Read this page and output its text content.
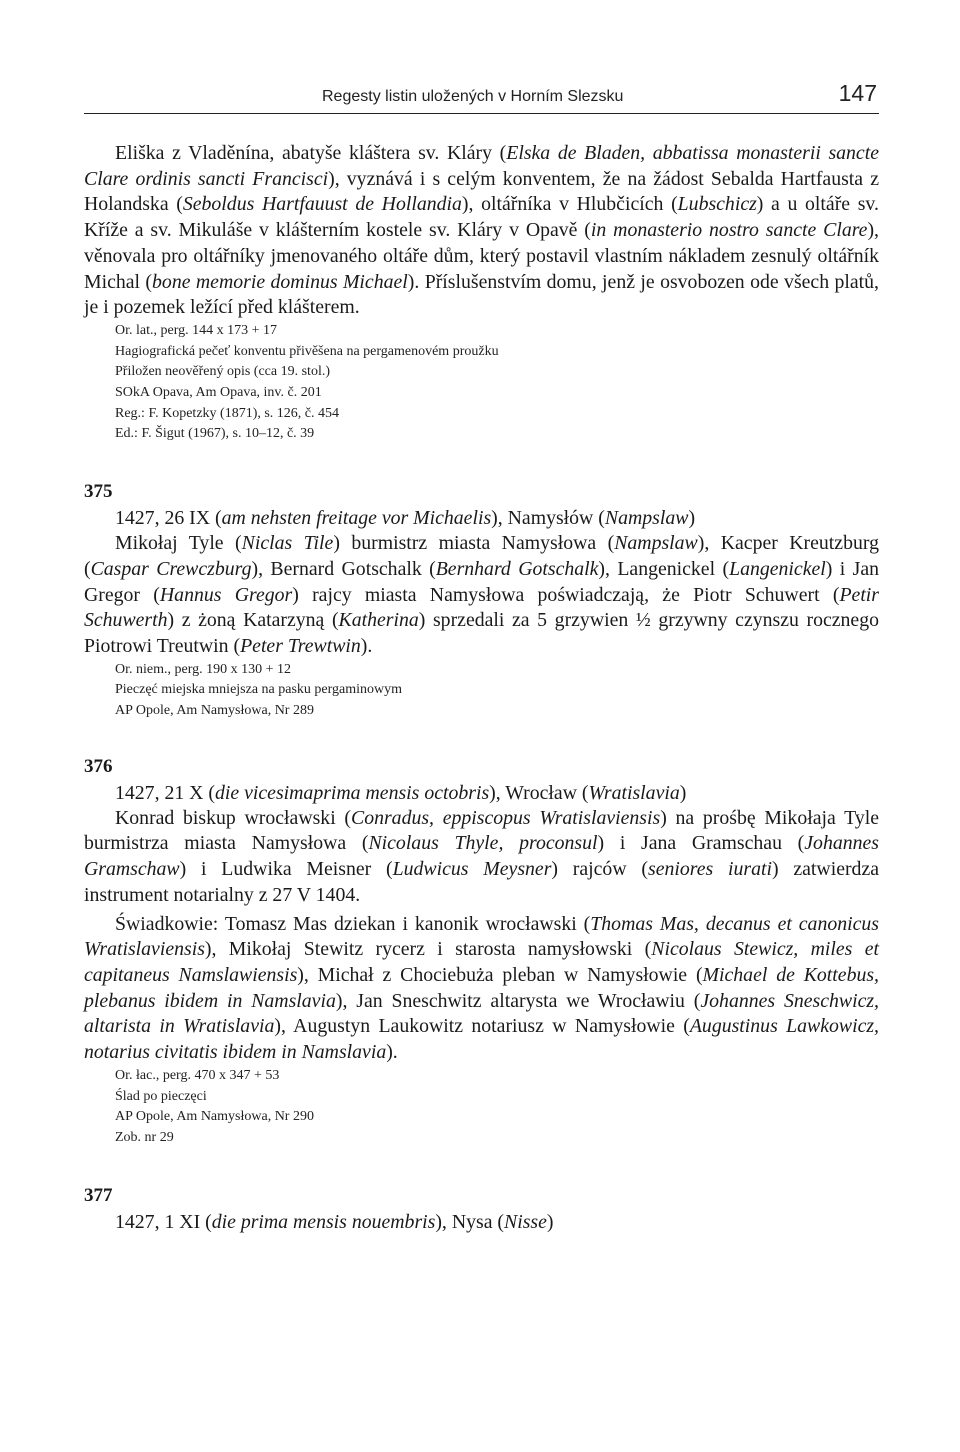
Regesty listin uložených v Horním Slezsku	147

Eliška z Vladěnína, abatyše kláštera sv. Kláry (Elska de Bladen, abbatissa monasterii sancte Clare ordinis sancti Francisci), vyznává i s celým konventem, že na žádost Sebalda Hartfausta z Holandska (Seboldus Hartfauust de Hollandia), oltářníka v Hlubčicích (Lubschicz) a u oltáře sv. Kříže a sv. Mikuláše v klášterním kostele sv. Kláry v Opavě (in monasterio nostro sancte Clare), věnovala pro oltářníky jmenovaného oltáře dům, který postavil vlastním nákladem zesnulý oltářník Michal (bone memorie dominus Michael). Příslušenstvím domu, jenž je osvobozen ode všech platů, je i pozemek ležící před klášterem.

Or. lat., perg. 144 x 173 + 17
Hagiografická pečeť konventu přivěšena na pergamenovém proužku
Přiložen neověřený opis (cca 19. stol.)
SOkA Opava, Am Opava, inv. č. 201
Reg.: F. Kopetzky (1871), s. 126, č. 454
Ed.: F. Šigut (1967), s. 10–12, č. 39

375

1427, 26 IX (am nehsten freitage vor Michaelis), Namysłów (Nampslaw)

Mikołaj Tyle (Niclas Tile) burmistrz miasta Namysłowa (Nampslaw), Kacper Kreutzburg (Caspar Crewczburg), Bernard Gotschalk (Bernhard Gotschalk), Langenickel (Langenickel) i Jan Gregor (Hannus Gregor) rajcy miasta Namysłowa poświadczają, że Piotr Schuwert (Petir Schuwerth) z żoną Katarzyną (Katherina) sprzedali za 5 grzywien ½ grzywny czynszu rocznego Piotrowi Treutwin (Peter Trewtwin).

Or. niem., perg. 190 x 130 + 12
Pieczęć miejska mniejsza na pasku pergaminowym
AP Opole, Am Namysłowa, Nr 289

376

1427, 21 X (die vicesimaprima mensis octobris), Wrocław (Wratislavia)

Konrad biskup wrocławski (Conradus, eppiscopus Wratislaviensis) na prośbę Mikołaja Tyle burmistrza miasta Namysłowa (Nicolaus Thyle, proconsul) i Jana Gramschau (Johannes Gramschaw) i Ludwika Meisner (Ludwicus Meysner) rajców (seniores iurati) zatwierdza instrument notarialny z 27 V 1404.

Świadkowie: Tomasz Mas dziekan i kanonik wrocławski (Thomas Mas, decanus et canonicus Wratislaviensis), Mikołaj Stewitz rycerz i starosta namysłowski (Nicolaus Stewicz, miles et capitaneus Namslawiensis), Michał z Chociebuża pleban w Namysłowie (Michael de Kottebus, plebanus ibidem in Namslavia), Jan Sneschwitz altarysta we Wrocławiu (Johannes Sneschwicz, altarista in Wratislavia), Augustyn Laukowitz notariusz w Namysłowie (Augustinus Lawkowicz, notarius civitatis ibidem in Namslavia).

Or. łac., perg. 470 x 347 + 53
Ślad po pieczęci
AP Opole, Am Namysłowa, Nr 290
Zob. nr 29

377

1427, 1 XI (die prima mensis nouembris), Nysa (Nisse)
